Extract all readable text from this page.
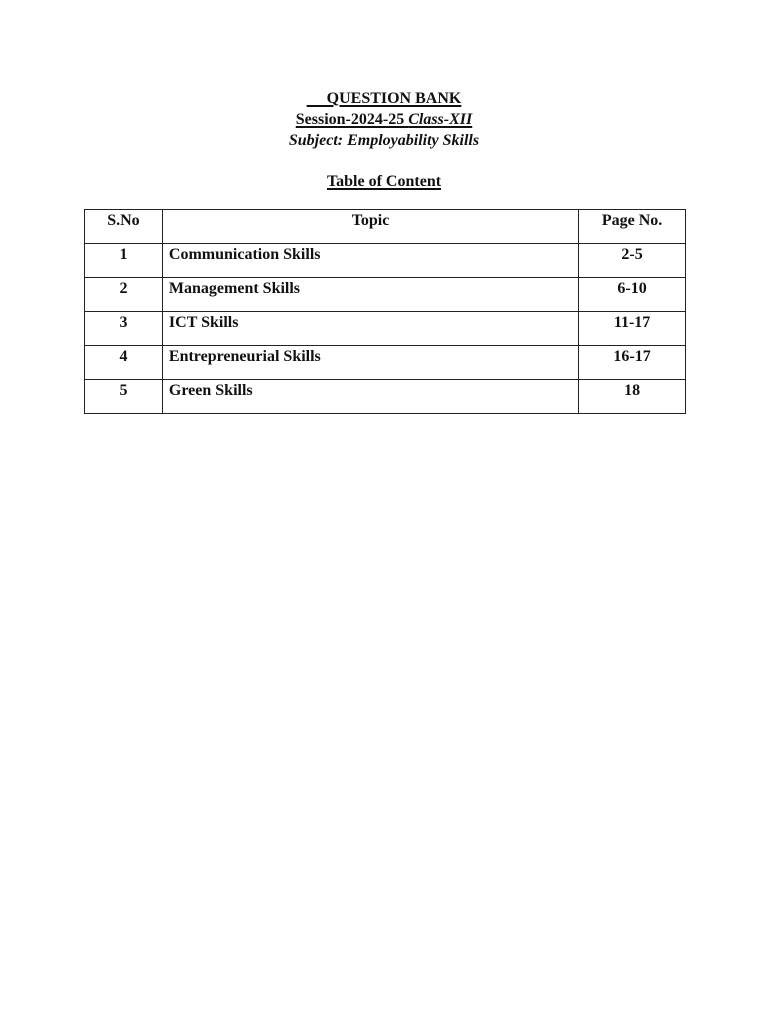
QUESTION BANK
Session-2024-25 Class-XII
Subject: Employability Skills
Table of Content
S.No	Topic	Page No.
1	Communication Skills	2-5
2	Management Skills	6-10
3	ICT Skills	11-17
4	Entrepreneurial Skills	16-17
5	Green Skills	18
